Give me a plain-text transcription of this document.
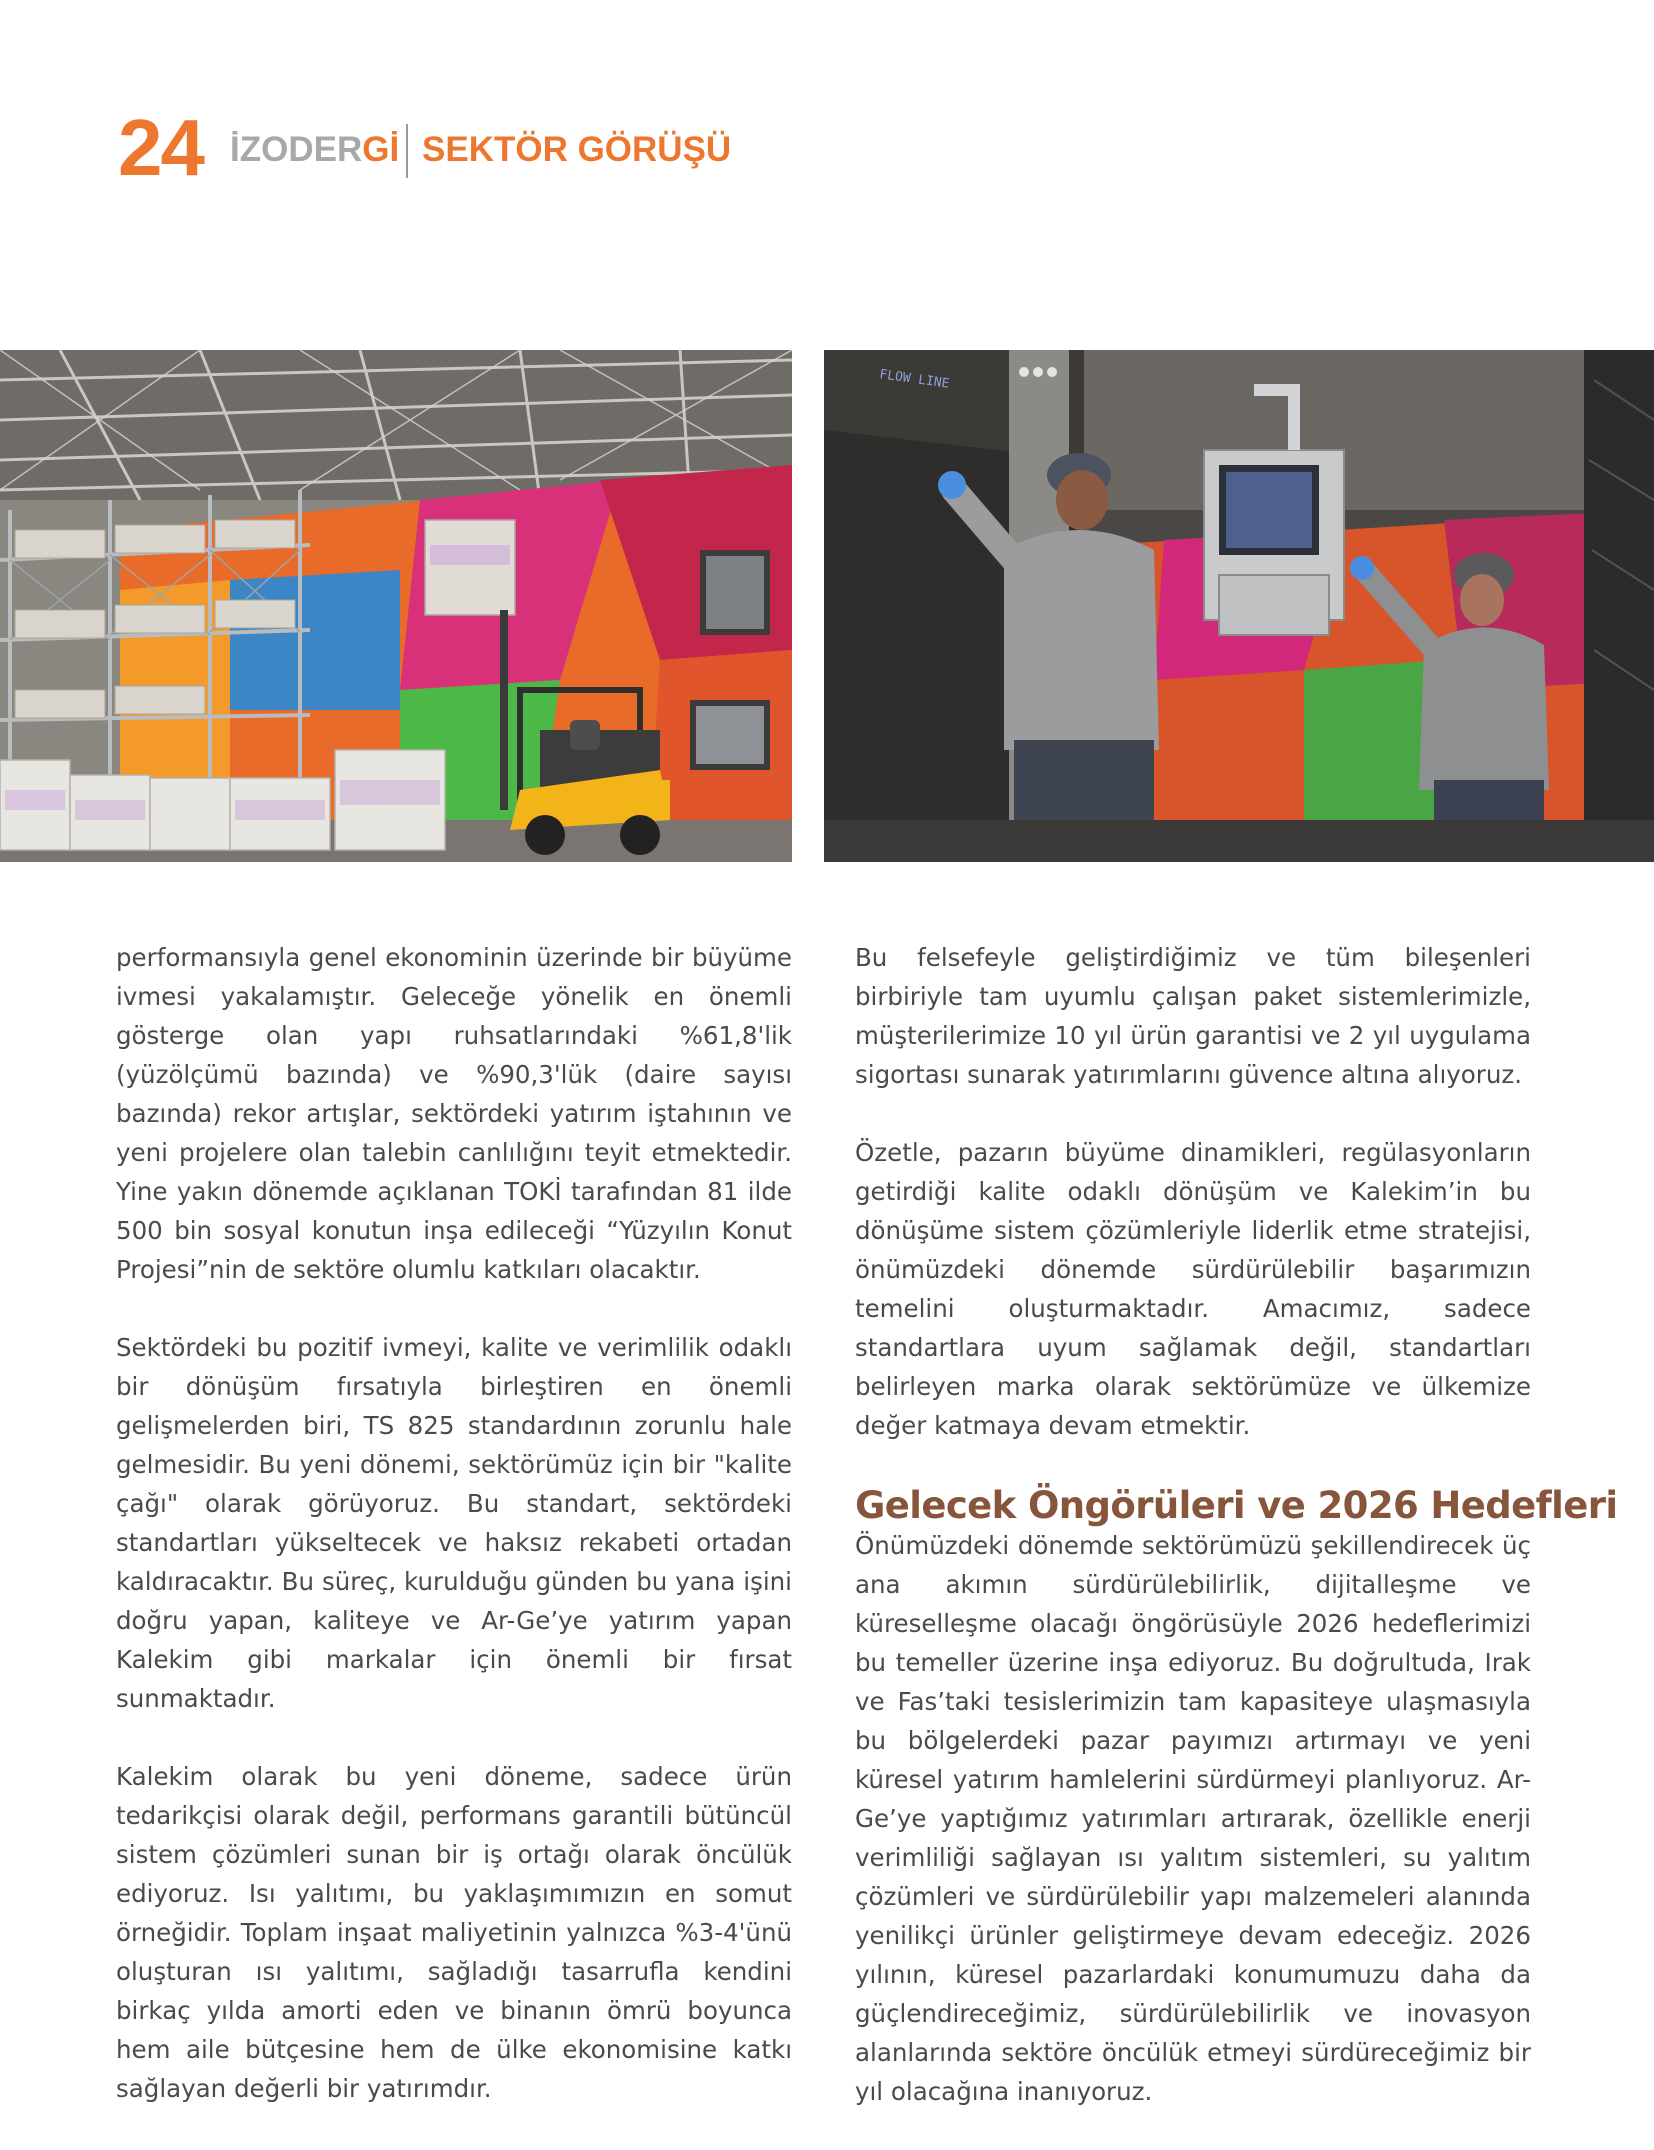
24 İZODERGİ SEKTÖR GÖRÜŞÜ
FLOW LINE

performansıyla genel ekonominin üzerinde bir büyüme ivmesi yakalamıştır. Geleceğe yönelik en önemli gösterge olan yapı ruhsatlarındaki %61,8'lik (yüzölçümü bazında) ve %90,3'lük (daire sayısı bazında) rekor artışlar, sektördeki yatırım iştahının ve yeni projelere olan talebin canlılığını teyit etmektedir. Yine yakın dönemde açıklanan TOKİ tarafından 81 ilde 500 bin sosyal konutun inşa edileceği “Yüzyılın Konut Projesi”nin de sektöre olumlu katkıları olacaktır.

Sektördeki bu pozitif ivmeyi, kalite ve verimlilik odaklı bir dönüşüm fırsatıyla birleştiren en önemli gelişmelerden biri, TS 825 standardının zorunlu hale gelmesidir. Bu yeni dönemi, sektörümüz için bir "kalite çağı" olarak görüyoruz. Bu standart, sektördeki standartları yükseltecek ve haksız rekabeti ortadan kaldıracaktır. Bu süreç, kurulduğu günden bu yana işini doğru yapan, kaliteye ve Ar-Ge’ye yatırım yapan Kalekim gibi markalar için önemli bir fırsat sunmaktadır.

Kalekim olarak bu yeni döneme, sadece ürün tedarikçisi olarak değil, performans garantili bütüncül sistem çözümleri sunan bir iş ortağı olarak öncülük ediyoruz. Isı yalıtımı, bu yaklaşımımızın en somut örneğidir. Toplam inşaat maliyetinin yalnızca %3-4'ünü oluşturan ısı yalıtımı, sağladığı tasarrufla kendini birkaç yılda amorti eden ve binanın ömrü boyunca hem aile bütçesine hem de ülke ekonomisine katkı sağlayan değerli bir yatırımdır.

Bu felsefeyle geliştirdiğimiz ve tüm bileşenleri birbiriyle tam uyumlu çalışan paket sistemlerimizle, müşterilerimize 10 yıl ürün garantisi ve 2 yıl uygulama sigortası sunarak yatırımlarını güvence altına alıyoruz.

Özetle, pazarın büyüme dinamikleri, regülasyonların getirdiği kalite odaklı dönüşüm ve Kalekim’in bu dönüşüme sistem çözümleriyle liderlik etme stratejisi, önümüzdeki dönemde sürdürülebilir başarımızın temelini oluşturmaktadır. Amacımız, sadece standartlara uyum sağlamak değil, standartları belirleyen marka olarak sektörümüze ve ülkemize değer katmaya devam etmektir.

Gelecek Öngörüleri ve 2026 Hedefleri

Önümüzdeki dönemde sektörümüzü şekillendirecek üç ana akımın sürdürülebilirlik, dijitalleşme ve küreselleşme olacağı öngörüsüyle 2026 hedeflerimizi bu temeller üzerine inşa ediyoruz. Bu doğrultuda, Irak ve Fas’taki tesislerimizin tam kapasiteye ulaşmasıyla bu bölgelerdeki pazar payımızı artırmayı ve yeni küresel yatırım hamlelerini sürdürmeyi planlıyoruz. Ar-Ge’ye yaptığımız yatırımları artırarak, özellikle enerji verimliliği sağlayan ısı yalıtım sistemleri, su yalıtım çözümleri ve sürdürülebilir yapı malzemeleri alanında yenilikçi ürünler geliştirmeye devam edeceğiz. 2026 yılının, küresel pazarlardaki konumumuzu daha da güçlendireceğimiz, sürdürülebilirlik ve inovasyon alanlarında sektöre öncülük etmeyi sürdüreceğimiz bir yıl olacağına inanıyoruz.
